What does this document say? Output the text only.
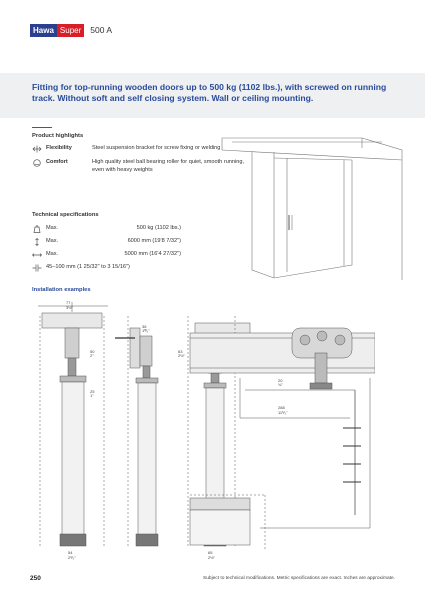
Hawa Super	500 A
Fitting for top-running wooden doors up to 500 kg (1102 lbs.), with screwed on running track. Without soft and self closing system. Wall or ceiling mounting.
Product highlights
Flexibility	Steel suspension bracket for screw fixing or welding
Comfort	High quality steel ball bearing roller for quiet, smooth running, even with heavy weights
Technical specifications
Max.	500 kg (1102 lbs.)
Max.	6000 mm (19'8 7/32")
Max.	5000 mm (16'4 27/32")
45–100 mm (1 25/32" to 3 15/16")
Installation examples
77
3½"
36
1⅗"
50
2"
25
1"
63
2½"
20
¾"
288
11⅕"
54
2⅕"
65
2½"
250	Subject to technical modifications. Metric specifications are exact. Inches are approximate.
